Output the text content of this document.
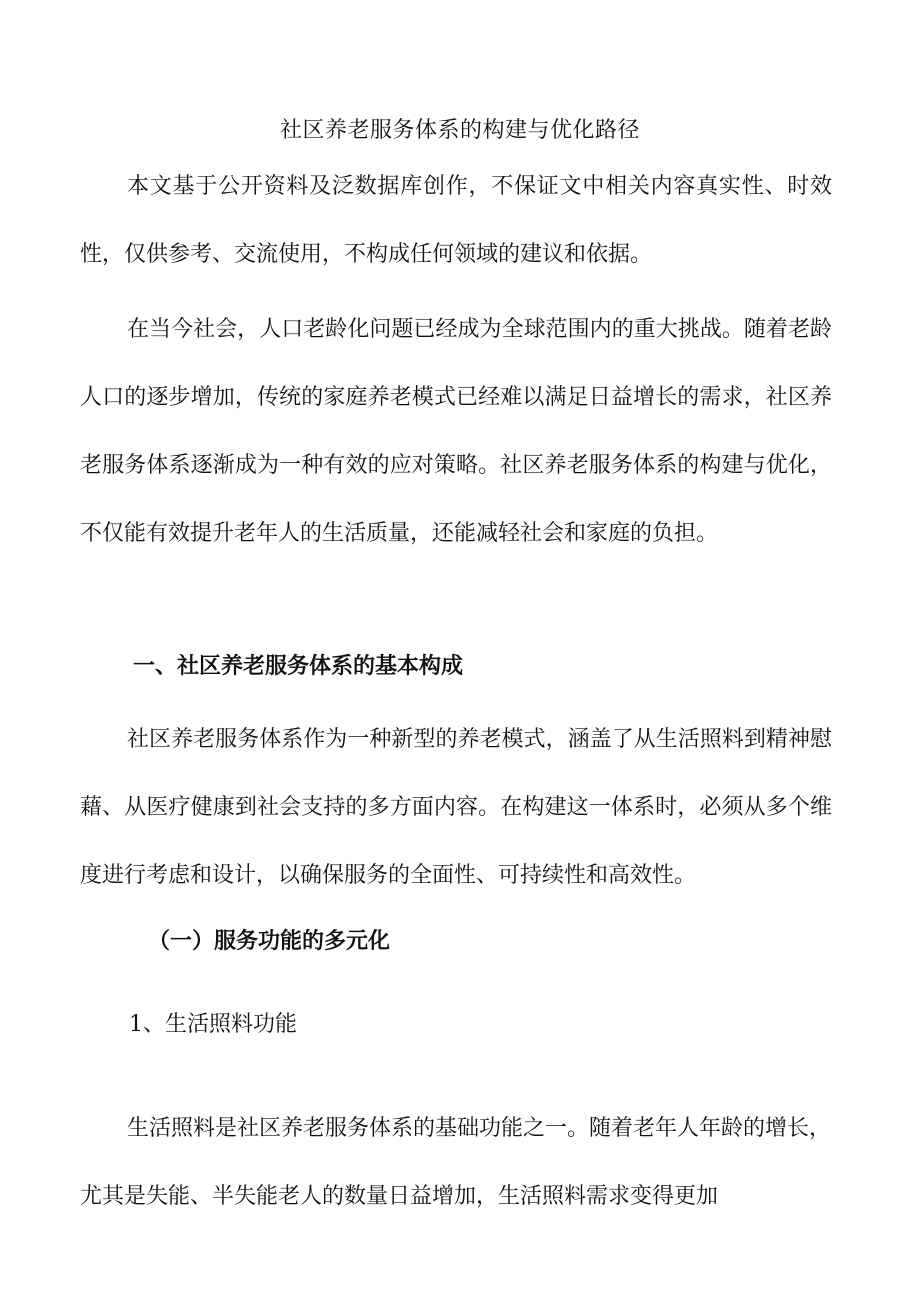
社区养老服务体系的构建与优化路径

本文基于公开资料及泛数据库创作，不保证文中相关内容真实性、时效性，仅供参考、交流使用，不构成任何领域的建议和依据。

在当今社会，人口老龄化问题已经成为全球范围内的重大挑战。随着老龄人口的逐步增加，传统的家庭养老模式已经难以满足日益增长的需求，社区养老服务体系逐渐成为一种有效的应对策略。社区养老服务体系的构建与优化，不仅能有效提升老年人的生活质量，还能减轻社会和家庭的负担。

一、社区养老服务体系的基本构成

社区养老服务体系作为一种新型的养老模式，涵盖了从生活照料到精神慰藉、从医疗健康到社会支持的多方面内容。在构建这一体系时，必须从多个维度进行考虑和设计，以确保服务的全面性、可持续性和高效性。

（一）服务功能的多元化
1、生活照料功能

生活照料是社区养老服务体系的基础功能之一。随着老年人年龄的增长，尤其是失能、半失能老人的数量日益增加，生活照料需求变得更加
